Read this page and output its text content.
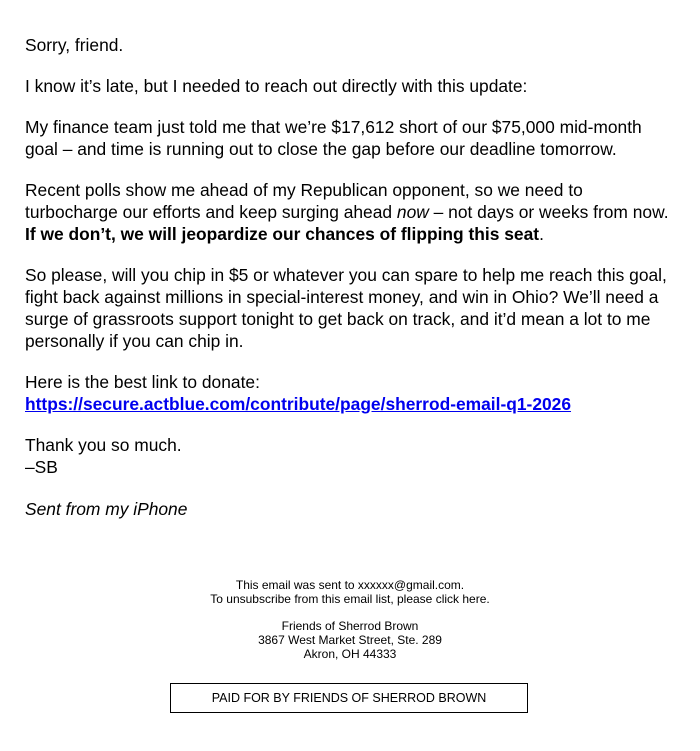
Sorry, friend.

I know it’s late, but I needed to reach out directly with this update:

My finance team just told me that we’re $17,612 short of our $75,000 mid-month goal – and time is running out to close the gap before our deadline tomorrow.

Recent polls show me ahead of my Republican opponent, so we need to turbocharge our efforts and keep surging ahead now – not days or weeks from now. If we don’t, we will jeopardize our chances of flipping this seat.

So please, will you chip in $5 or whatever you can spare to help me reach this goal, fight back against millions in special-interest money, and win in Ohio? We’ll need a surge of grassroots support tonight to get back on track, and it’d mean a lot to me personally if you can chip in.

Here is the best link to donate:
https://secure.actblue.com/contribute/page/sherrod-email-q1-2026

Thank you so much.
–SB

Sent from my iPhone

This email was sent to xxxxxx@gmail.com.
To unsubscribe from this email list, please click here.

Friends of Sherrod Brown
3867 West Market Street, Ste. 289
Akron, OH 44333

PAID FOR BY FRIENDS OF SHERROD BROWN
